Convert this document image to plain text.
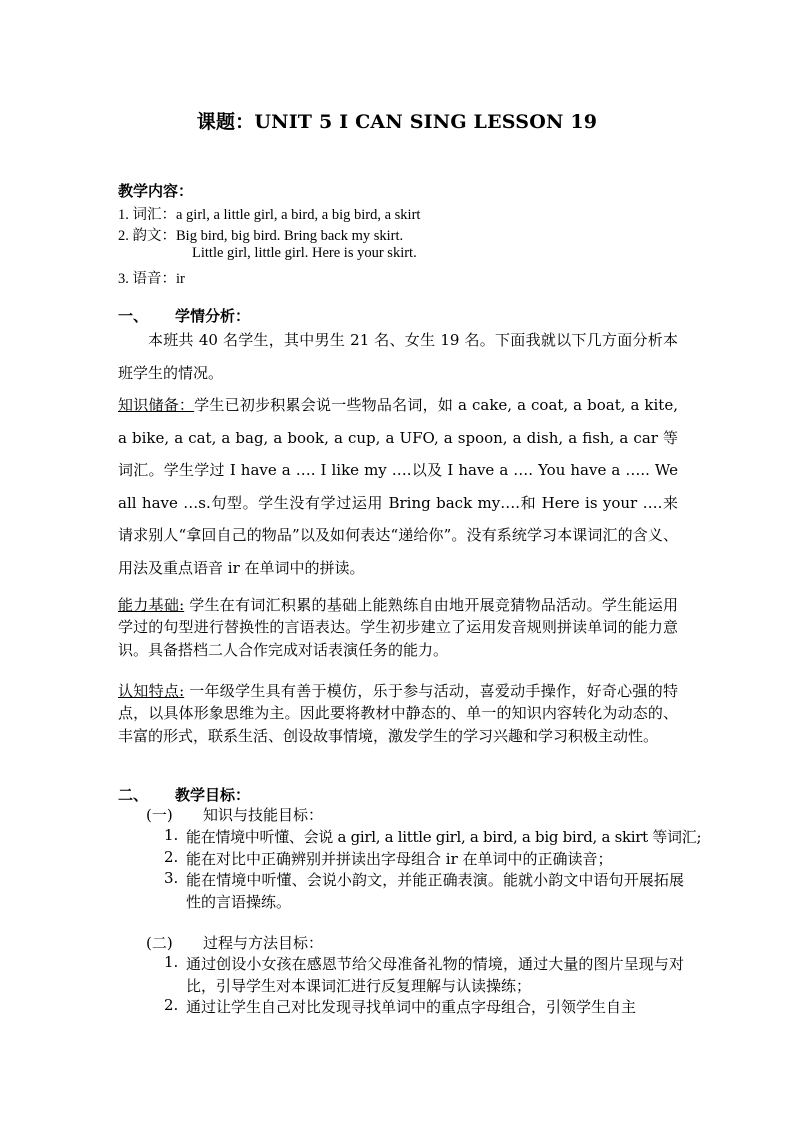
课题：UNIT 5 I CAN SING LESSON 19
教学内容：
1. 词汇：a girl, a little girl, a bird, a big bird, a skirt
2. 韵文：Big bird, big bird. Bring back my skirt.
Little girl, little girl. Here is your skirt.
3. 语音：ir
一、 学情分析：
本班共 40 名学生，其中男生 21 名、女生 19 名。下面我就以下几方面分析本班学生的情况。
知识储备：学生已初步积累会说一些物品名词，如 a cake, a coat, a boat, a kite, a bike, a cat, a bag, a book, a cup, a UFO, a spoon, a dish, a fish, a car 等词汇。学生学过 I have a …. I like my ….以及 I have a …. You have a ….. We all have …s.句型。学生没有学过运用 Bring back my….和 Here is your ….来请求别人“拿回自己的物品”以及如何表达“递给你”。没有系统学习本课词汇的含义、用法及重点语音 ir 在单词中的拼读。
能力基础: 学生在有词汇积累的基础上能熟练自由地开展竞猜物品活动。学生能运用学过的句型进行替换性的言语表达。学生初步建立了运用发音规则拼读单词的能力意识。具备搭档二人合作完成对话表演任务的能力。
认知特点: 一年级学生具有善于模仿，乐于参与活动，喜爱动手操作，好奇心强的特点，以具体形象思维为主。因此要将教材中静态的、单一的知识内容转化为动态的、丰富的形式，联系生活、创设故事情境，激发学生的学习兴趣和学习积极主动性。
二、 教学目标：
(一) 知识与技能目标：
1. 能在情境中听懂、会说 a girl, a little girl, a bird, a big bird, a skirt 等词汇;
2. 能在对比中正确辨别并拼读出字母组合 ir 在单词中的正确读音；
3. 能在情境中听懂、会说小韵文，并能正确表演。能就小韵文中语句开展拓展性的言语操练。
(二) 过程与方法目标：
1. 通过创设小女孩在感恩节给父母准备礼物的情境，通过大量的图片呈现与对比，引导学生对本课词汇进行反复理解与认读操练；
2. 通过让学生自己对比发现寻找单词中的重点字母组合，引领学生自主
